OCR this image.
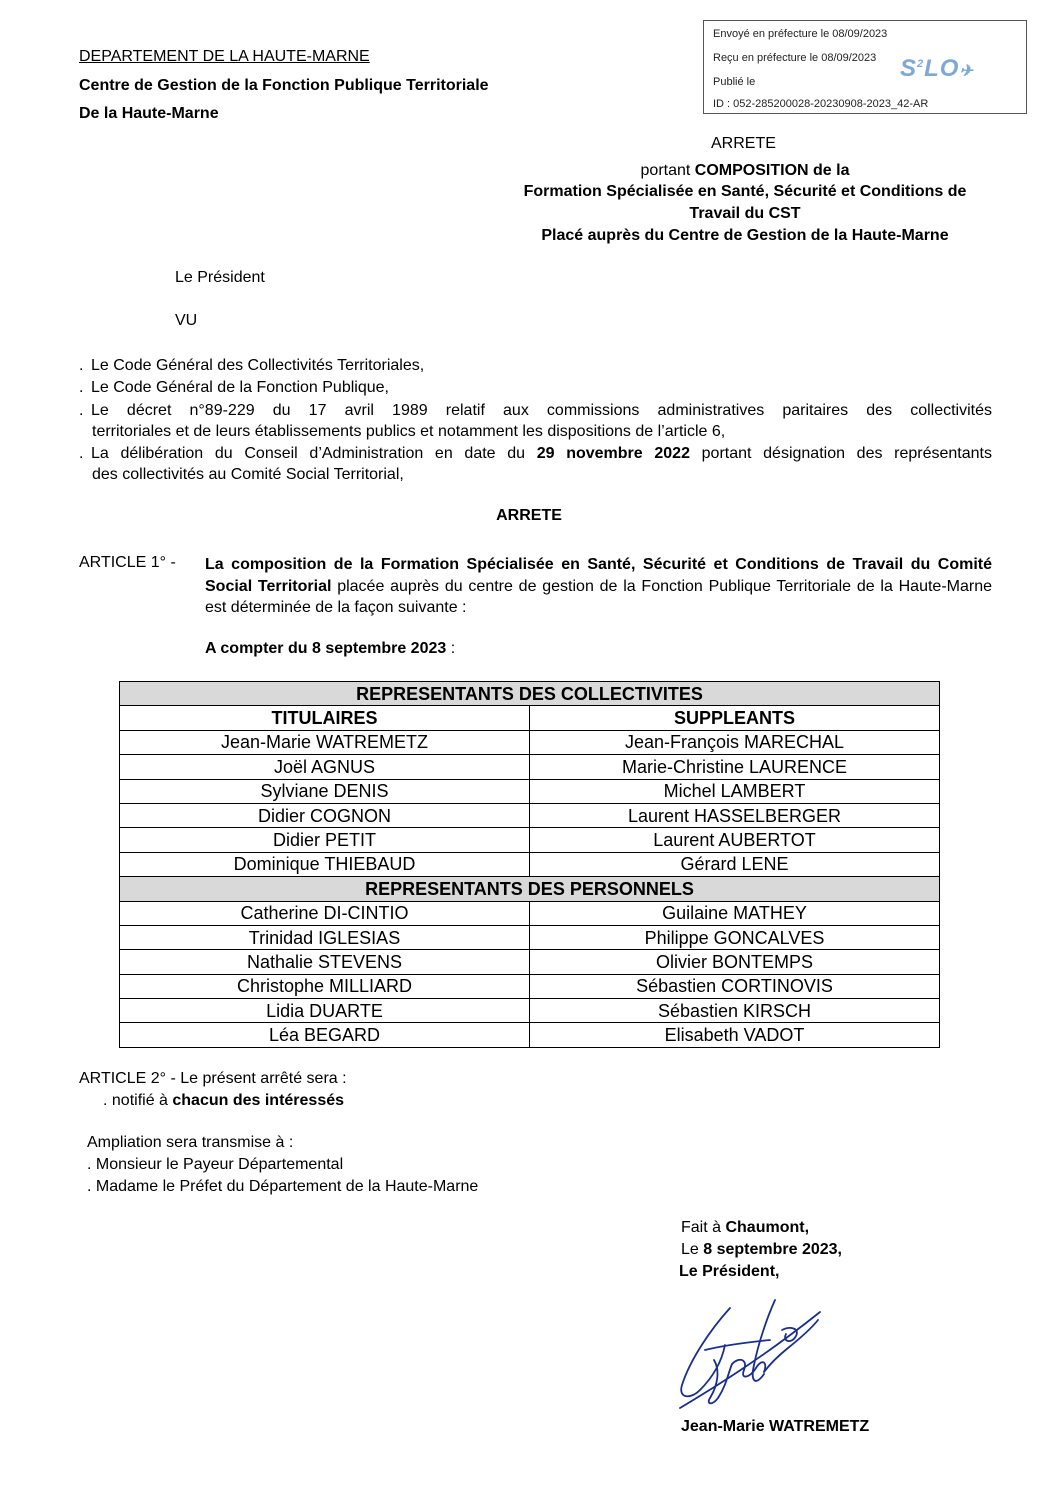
DEPARTEMENT DE LA HAUTE-MARNE
Centre de Gestion de la Fonction Publique Territoriale
De la Haute-Marne
Envoyé en préfecture le 08/09/2023
Reçu en préfecture le 08/09/2023
Publié le
ID : 052-285200028-20230908-2023_42-AR
$S^2LO✈$
ARRETE
portant COMPOSITION de la
Formation Spécialisée en Santé, Sécurité et Conditions de
Travail du CST
Placé auprès du Centre de Gestion de la Haute-Marne
Le Président
VU
. Le Code Général des Collectivités Territoriales,
. Le Code Général de la Fonction Publique,
. Le décret n°89-229 du 17 avril 1989 relatif aux commissions administratives paritaires des collectivités
territoriales et de leurs établissements publics et notamment les dispositions de l’article 6,
. La délibération du Conseil d’Administration en date du 29 novembre 2022 portant désignation des représentants
des collectivités au Comité Social Territorial,
ARRETE
ARTICLE 1° - La composition de la Formation Spécialisée en Santé, Sécurité et Conditions de Travail du Comité Social Territorial placée auprès du centre de gestion de la Fonction Publique Territoriale de la Haute-Marne est déterminée de la façon suivante :
A compter du 8 septembre 2023 :
REPRESENTANTS DES COLLECTIVITES	
TITULAIRES	SUPPLEANTS
Jean-Marie WATREMETZ	Jean-François MARECHAL
Joël AGNUS	Marie-Christine LAURENCE
Sylviane DENIS	Michel LAMBERT
Didier COGNON	Laurent HASSELBERGER
Didier PETIT	Laurent AUBERTOT
Dominique THIEBAUD	Gérard LENE
REPRESENTANTS DES PERSONNELS	
Catherine DI-CINTIO	Guilaine MATHEY
Trinidad IGLESIAS	Philippe GONCALVES
Nathalie STEVENS	Olivier BONTEMPS
Christophe MILLIARD	Sébastien CORTINOVIS
Lidia DUARTE	Sébastien KIRSCH
Léa BEGARD	Elisabeth VADOT
ARTICLE 2° - Le présent arrêté sera :
. notifié à chacun des intéressés
Ampliation sera transmise à :
. Monsieur le Payeur Départemental
. Madame le Préfet du Département de la Haute-Marne
Fait à Chaumont,
Le 8 septembre 2023,
Le Président,
Jean-Marie WATREMETZ
